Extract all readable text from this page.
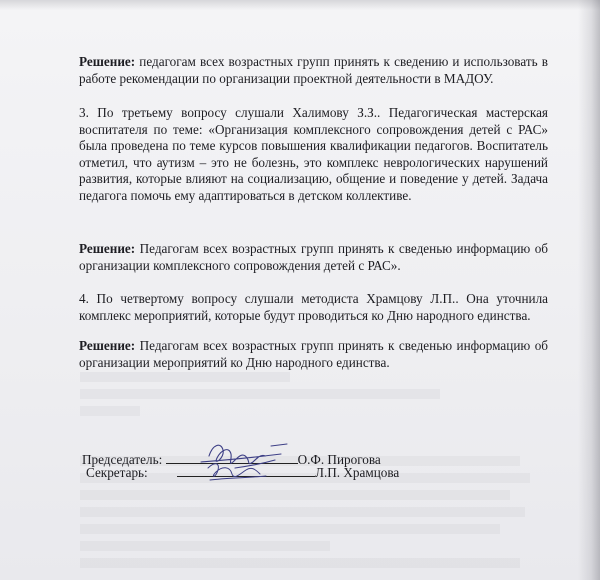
Решение: педагогам всех возрастных групп принять к сведению и использовать в работе рекомендации по организации проектной деятельности в МАДОУ.
3. По третьему вопросу слушали Халимову З.З.. Педагогическая мастерская воспитателя по теме: «Организация комплексного сопровождения детей с РАС» была проведена по теме курсов повышения квалификации педагогов. Воспитатель отметил, что аутизм – это не болезнь, это комплекс неврологических нарушений развития, которые влияют на социализацию, общение и поведение у детей. Задача педагога помочь ему адаптироваться в детском коллективе.
Решение: Педагогам всех возрастных групп принять к сведенью информацию об организации комплексного сопровождения детей с РАС».
4. По четвертому вопросу слушали методиста Храмцову Л.П.. Она уточнила комплекс мероприятий, которые будут проводиться ко Дню народного единства.
Решение: Педагогам всех возрастных групп принять к сведенью информацию об организации мероприятий ко Дню народного единства.
Председатель:	О.Ф. Пирогова
Секретарь:	Л.П. Храмцова
